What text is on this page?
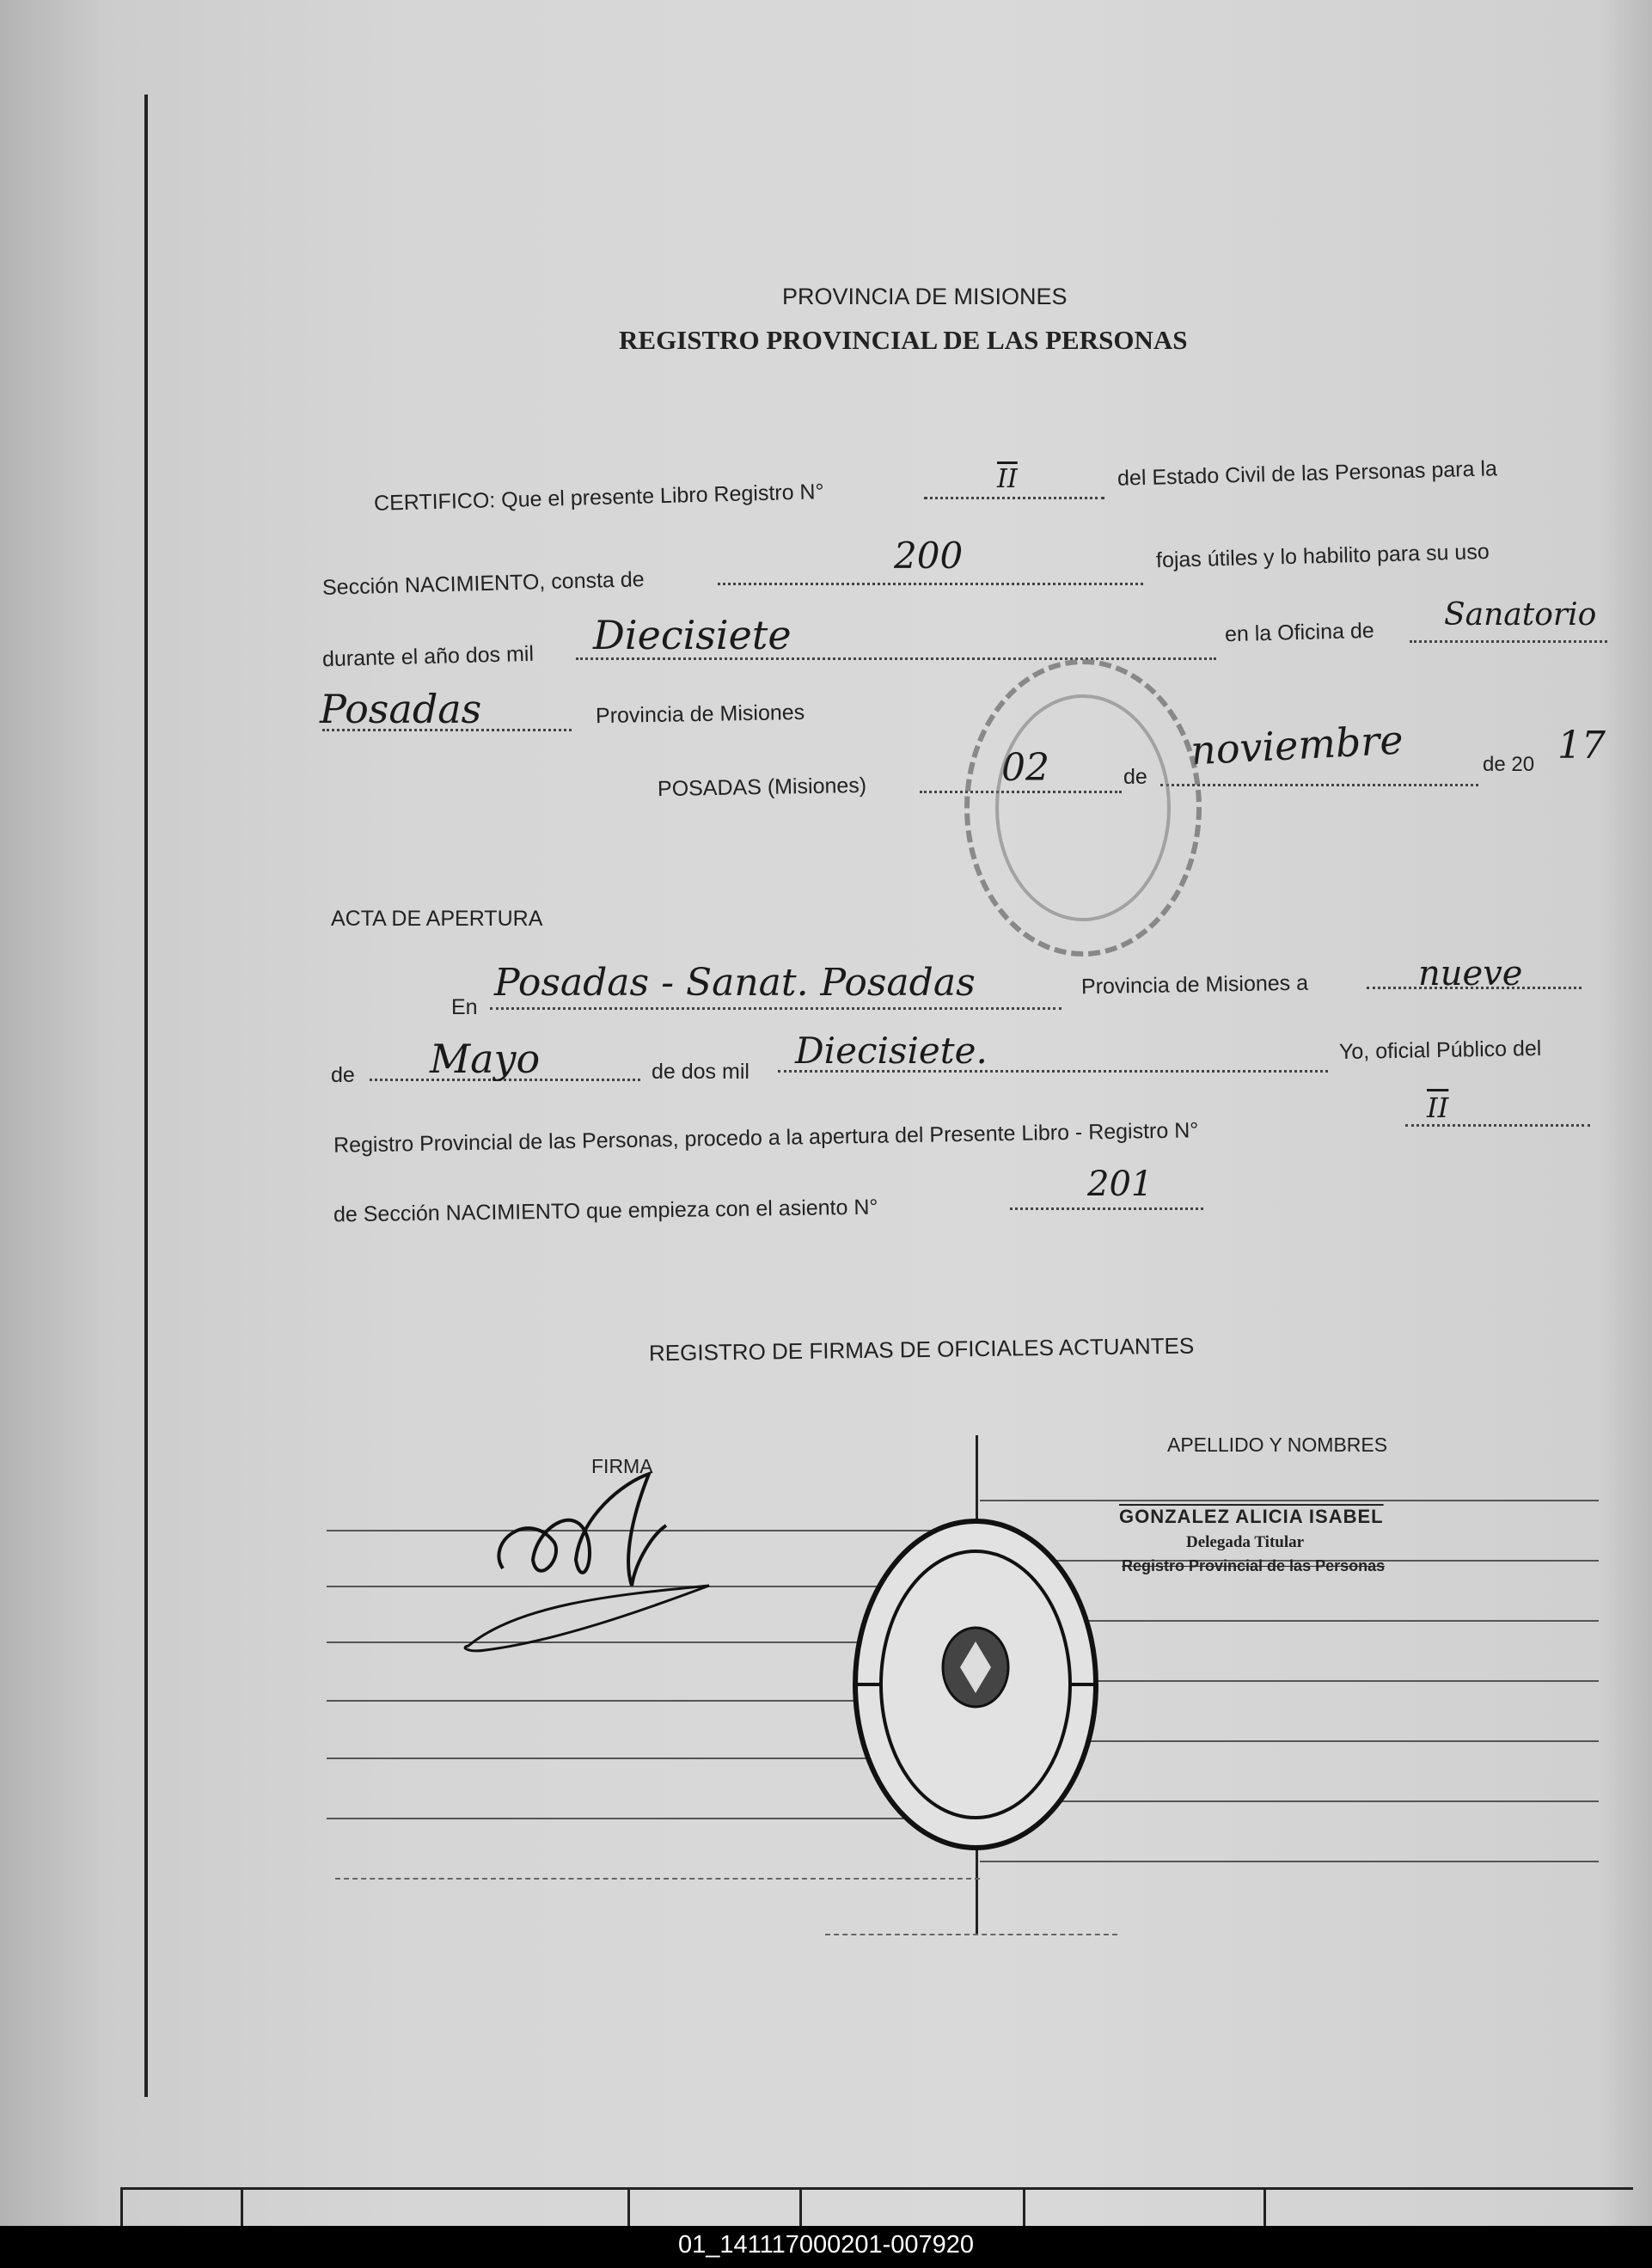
PROVINCIA DE MISIONES
REGISTRO PROVINCIAL DE LAS PERSONAS
CERTIFICO: Que el presente Libro Registro N°
$\overline{II}$	del Estado Civil de las Personas para la
Sección NACIMIENTO, consta de
200	fojas útiles y lo habilito para su uso
durante el año dos mil Diecisiete	en la Oficina de
Sanatorio
Posadas	Provincia de Misiones
POSADAS (Misiones)	02	de
noviembre	de 20 17
ACTA DE APERTURA
En
Posadas - Sanat. Posadas	Provincia de Misiones a	nueve
de Mayo	de dos mil Diecisiete.	Yo, oficial Público del
Registro Provincial de las Personas, procedo a la apertura del Presente Libro - Registro N°
$\overline{II}$
de Sección NACIMIENTO que empieza con el asiento N°
201
REGISTRO DE FIRMAS DE OFICIALES ACTUANTES
FIRMA
APELLIDO Y NOMBRES
GONZALEZ ALICIA ISABEL
Delegada Titular
Registro Provincial de las Personas
01_141117000201-007920
